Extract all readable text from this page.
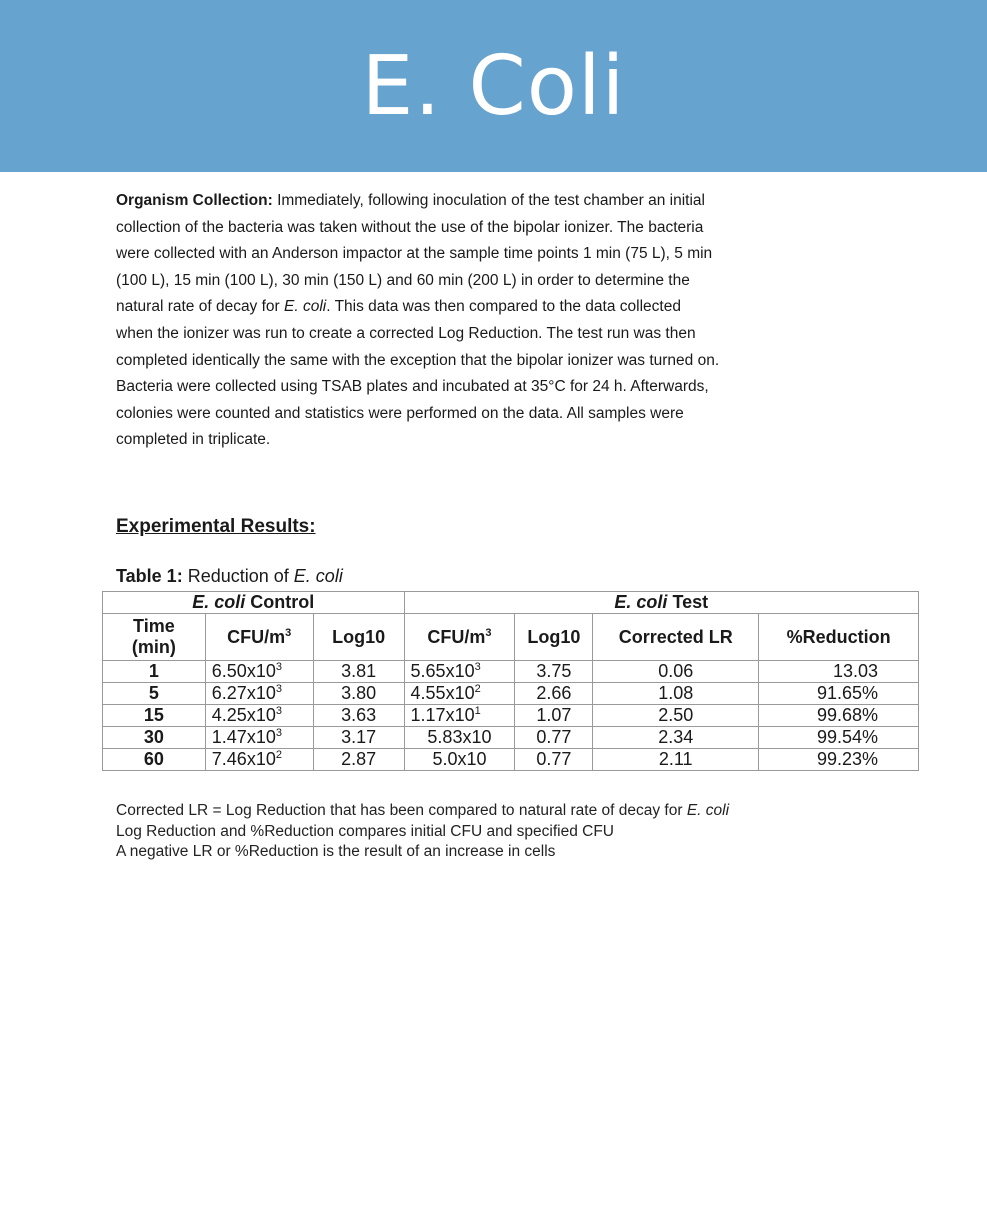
E. Coli
Organism Collection: Immediately, following inoculation of the test chamber an initial
collection of the bacteria was taken without the use of the bipolar ionizer. The bacteria
were collected with an Anderson impactor at the sample time points 1 min (75 L), 5 min
(100 L), 15 min (100 L), 30 min (150 L) and 60 min (200 L) in order to determine the
natural rate of decay for E. coli. This data was then compared to the data collected
when the ionizer was run to create a corrected Log Reduction. The test run was then
completed identically the same with the exception that the bipolar ionizer was turned on.
Bacteria were collected using TSAB plates and incubated at 35°C for 24 h. Afterwards,
colonies were counted and statistics were performed on the data. All samples were
completed in triplicate.
Experimental Results:
Table 1: Reduction of E. coli
E. coli Control			E. coli Test			
Time
(min)	CFU/$m^3$	Log10	CFU/$m^3$	Log10	Corrected LR	%Reduction
1	$6.50x10^3$	3.81	$5.65x10^3$	3.75	0.06	13.03
5	$6.27x10^3$	3.80	$4.55x10^2$	2.66	1.08	91.65%
15	$4.25x10^3$	3.63	$1.17x10^1$	1.07	2.50	99.68%
30	$1.47x10^3$	3.17	5.83x10	0.77	2.34	99.54%
60	$7.46x10^2$	2.87	5.0x10	0.77	2.11	99.23%
Corrected LR = Log Reduction that has been compared to natural rate of decay for E. coli
Log Reduction and %Reduction compares initial CFU and specified CFU
A negative LR or %Reduction is the result of an increase in cells
